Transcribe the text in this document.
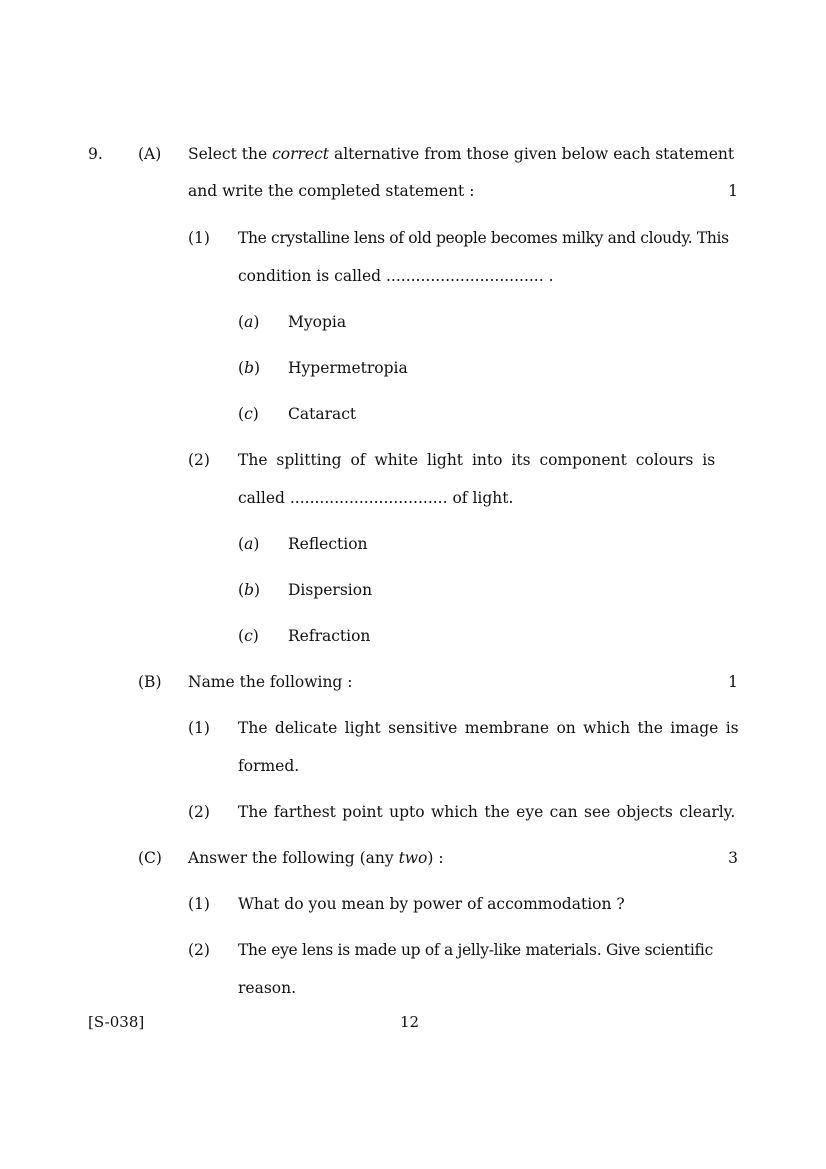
9. (A) Select the correct alternative from those given below each statement
and write the completed statement :	1
(1) The crystalline lens of old people becomes milky and cloudy. This
condition is called ................................ .
(a) Myopia
(b) Hypermetropia
(c) Cataract
(2) The splitting of white light into its component colours is
called ................................ of light.
(a) Reflection
(b) Dispersion
(c) Refraction
(B) Name the following :	1
(1) The delicate light sensitive membrane on which the image is
formed.
(2) The farthest point upto which the eye can see objects clearly.
(C) Answer the following (any two) :	3
(1) What do you mean by power of accommodation ?
(2) The eye lens is made up of a jelly-like materials. Give scientific
reason.
[S-038]	12
